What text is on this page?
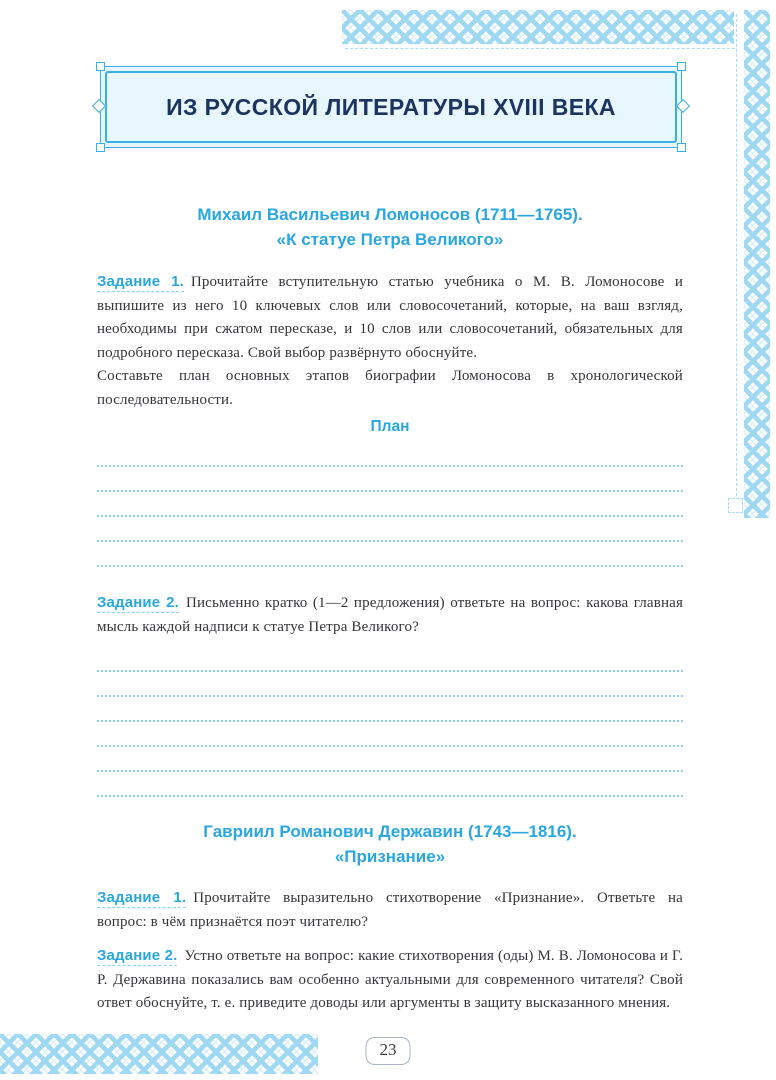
ИЗ РУССКОЙ ЛИТЕРАТУРЫ XVIII ВЕКА
Михаил Васильевич Ломоносов (1711—1765).
«К статуе Петра Великого»

Задание 1. Прочитайте вступительную статью учебника о М. В. Ломоносове и выпишите из него 10 ключевых слов или словосочетаний, которые, на ваш взгляд, необходимы при сжатом пересказе, и 10 слов или словосочетаний, обязательных для подробного пересказа. Свой выбор развёрнуто обоснуйте.

Составьте план основных этапов биографии Ломоносова в хронологической последовательности.

План

Задание 2. Письменно кратко (1—2 предложения) ответьте на вопрос: какова главная мысль каждой надписи к статуе Петра Великого?

Гавриил Романович Державин (1743—1816).
«Признание»

Задание 1. Прочитайте выразительно стихотворение «Признание». Ответьте на вопрос: в чём признаётся поэт читателю?

Задание 2. Устно ответьте на вопрос: какие стихотворения (оды) М. В. Ломоносова и Г. Р. Державина показались вам особенно актуальными для современного читателя? Свой ответ обоснуйте, т. е. приведите доводы или аргументы в защиту высказанного мнения.

23
